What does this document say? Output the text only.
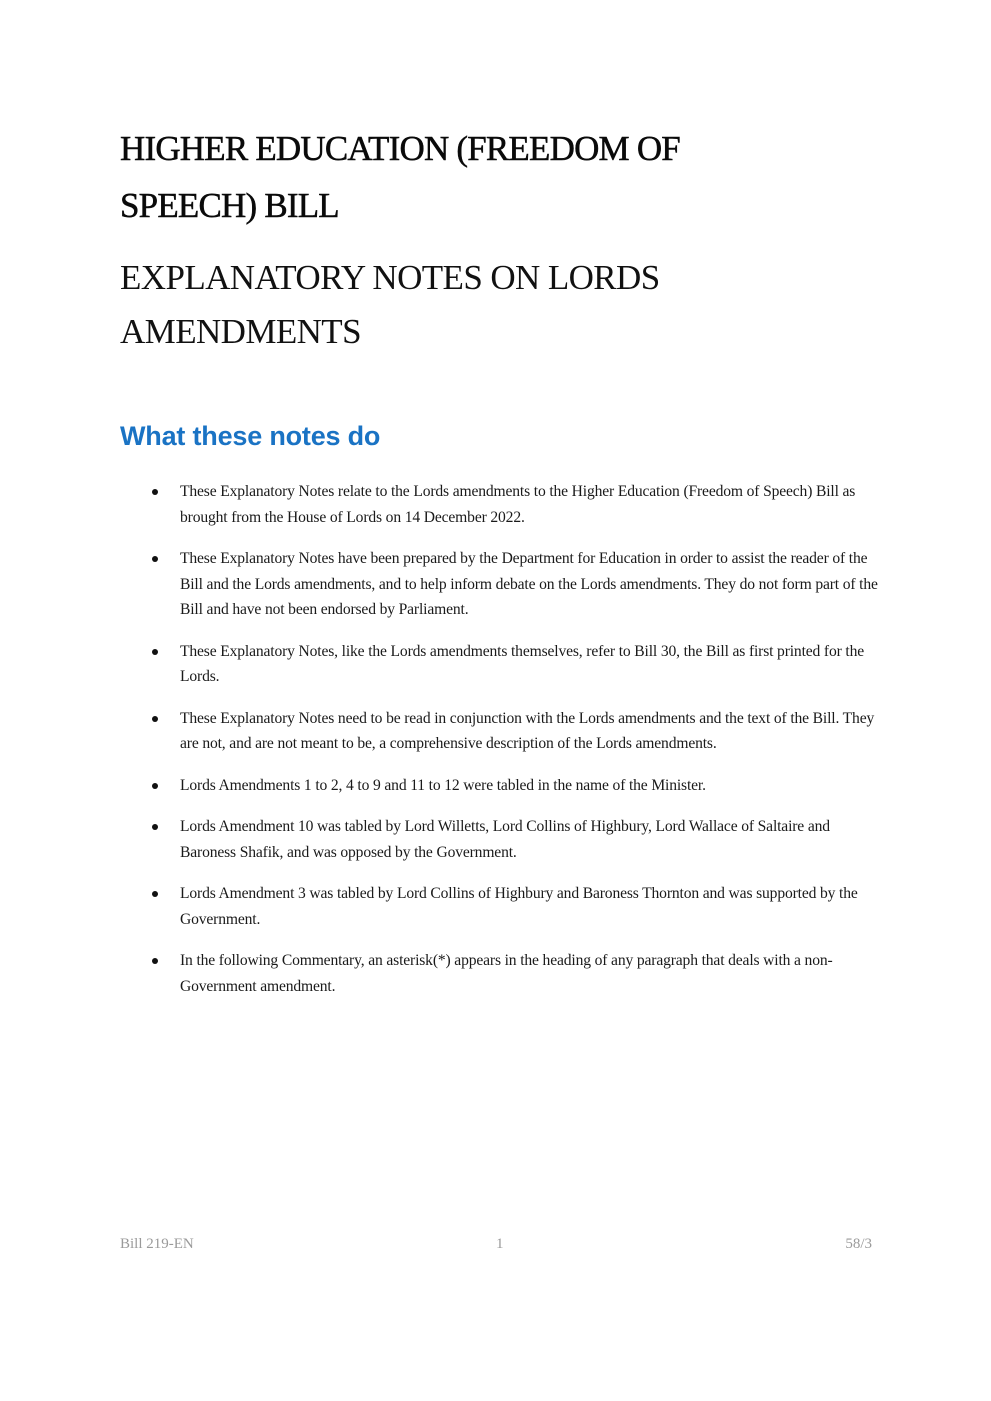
HIGHER EDUCATION (FREEDOM OF
SPEECH) BILL
EXPLANATORY NOTES ON LORDS
AMENDMENTS
What these notes do
These Explanatory Notes relate to the Lords amendments to the Higher Education (Freedom of Speech) Bill as brought from the House of Lords on 14 December 2022.
These Explanatory Notes have been prepared by the Department for Education in order to assist the reader of the Bill and the Lords amendments, and to help inform debate on the Lords amendments. They do not form part of the Bill and have not been endorsed by Parliament.
These Explanatory Notes, like the Lords amendments themselves, refer to Bill 30, the Bill as first printed for the Lords.
These Explanatory Notes need to be read in conjunction with the Lords amendments and the text of the Bill. They are not, and are not meant to be, a comprehensive description of the Lords amendments.
Lords Amendments 1 to 2, 4 to 9 and 11 to 12 were tabled in the name of the Minister.
Lords Amendment 10 was tabled by Lord Willetts, Lord Collins of Highbury, Lord Wallace of Saltaire and Baroness Shafik, and was opposed by the Government.
Lords Amendment 3 was tabled by Lord Collins of Highbury and Baroness Thornton and was supported by the Government.
In the following Commentary, an asterisk(*) appears in the heading of any paragraph that deals with a non-Government amendment.
Bill 219-EN	1	58/3
